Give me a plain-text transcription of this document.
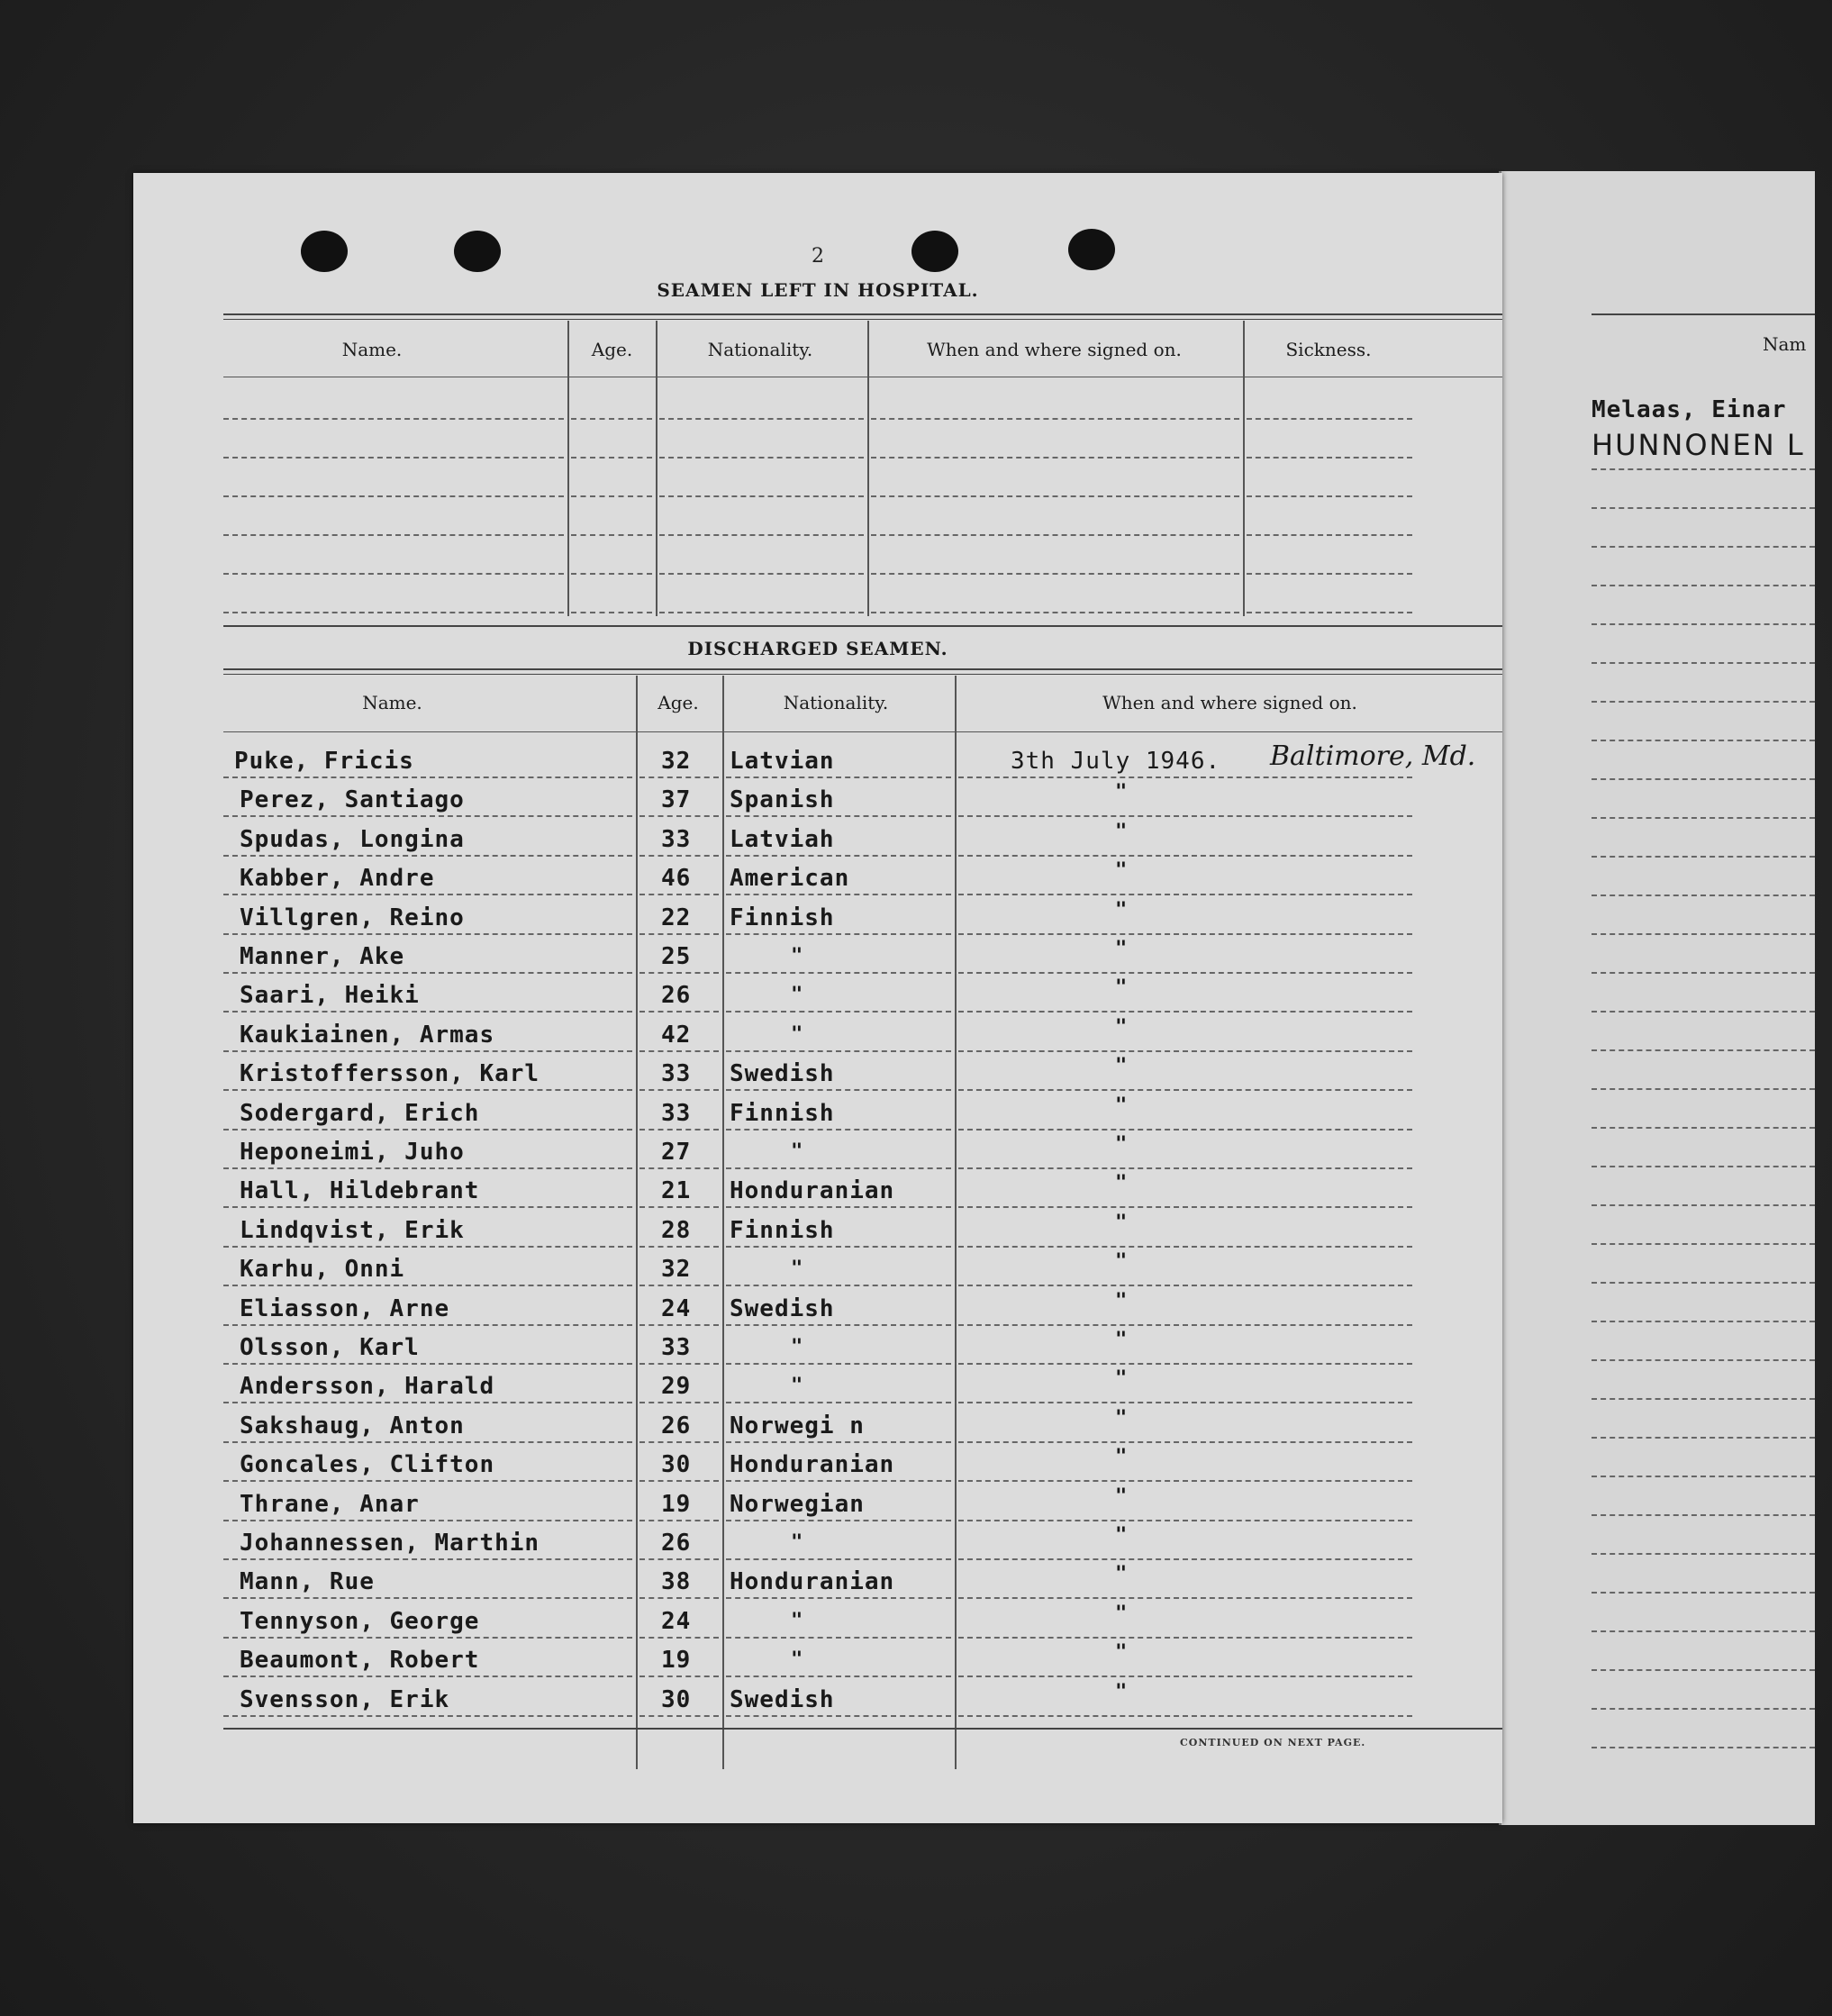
Nam
Melaas, Einar
HUNNONEN L
2
SEAMEN LEFT IN HOSPITAL.
Name.	Age.	Nationality.	When and where signed on.	Sickness.
DISCHARGED SEAMEN.
Name.	Age.	Nationality.	When and where signed on.
Puke, Fricis	32 Latvian	3th July 1946. Baltimore, Md.
Perez, Santiago	37 Spanish	"
Spudas, Longina	33 Latviah	"
Kabber, Andre	46 American	"
Villgren, Reino	22 Finnish	"
Manner, Ake	25	"	"
Saari, Heiki	26	"	"
Kaukiainen, Armas	42	"	"
Kristoffersson, Karl	33 Swedish	"
Sodergard, Erich	33 Finnish	"
Heponeimi, Juho	27	"	"
Hall, Hildebrant	21 Honduranian	"
Lindqvist, Erik	28 Finnish	"
Karhu, Onni	32	"	"
Eliasson, Arne	24 Swedish	"
Olsson, Karl	33	"	"
Andersson, Harald	29	"	"
Sakshaug, Anton	26 Norwegi n	"
Goncales, Clifton	30 Honduranian	"
Thrane, Anar	19 Norwegian	"
Johannessen, Marthin	26	"	"
Mann, Rue	38 Honduranian	"
Tennyson, George	24	"	"
Beaumont, Robert	19	"	"
Svensson, Erik	30 Swedish	"
CONTINUED ON NEXT PAGE.
